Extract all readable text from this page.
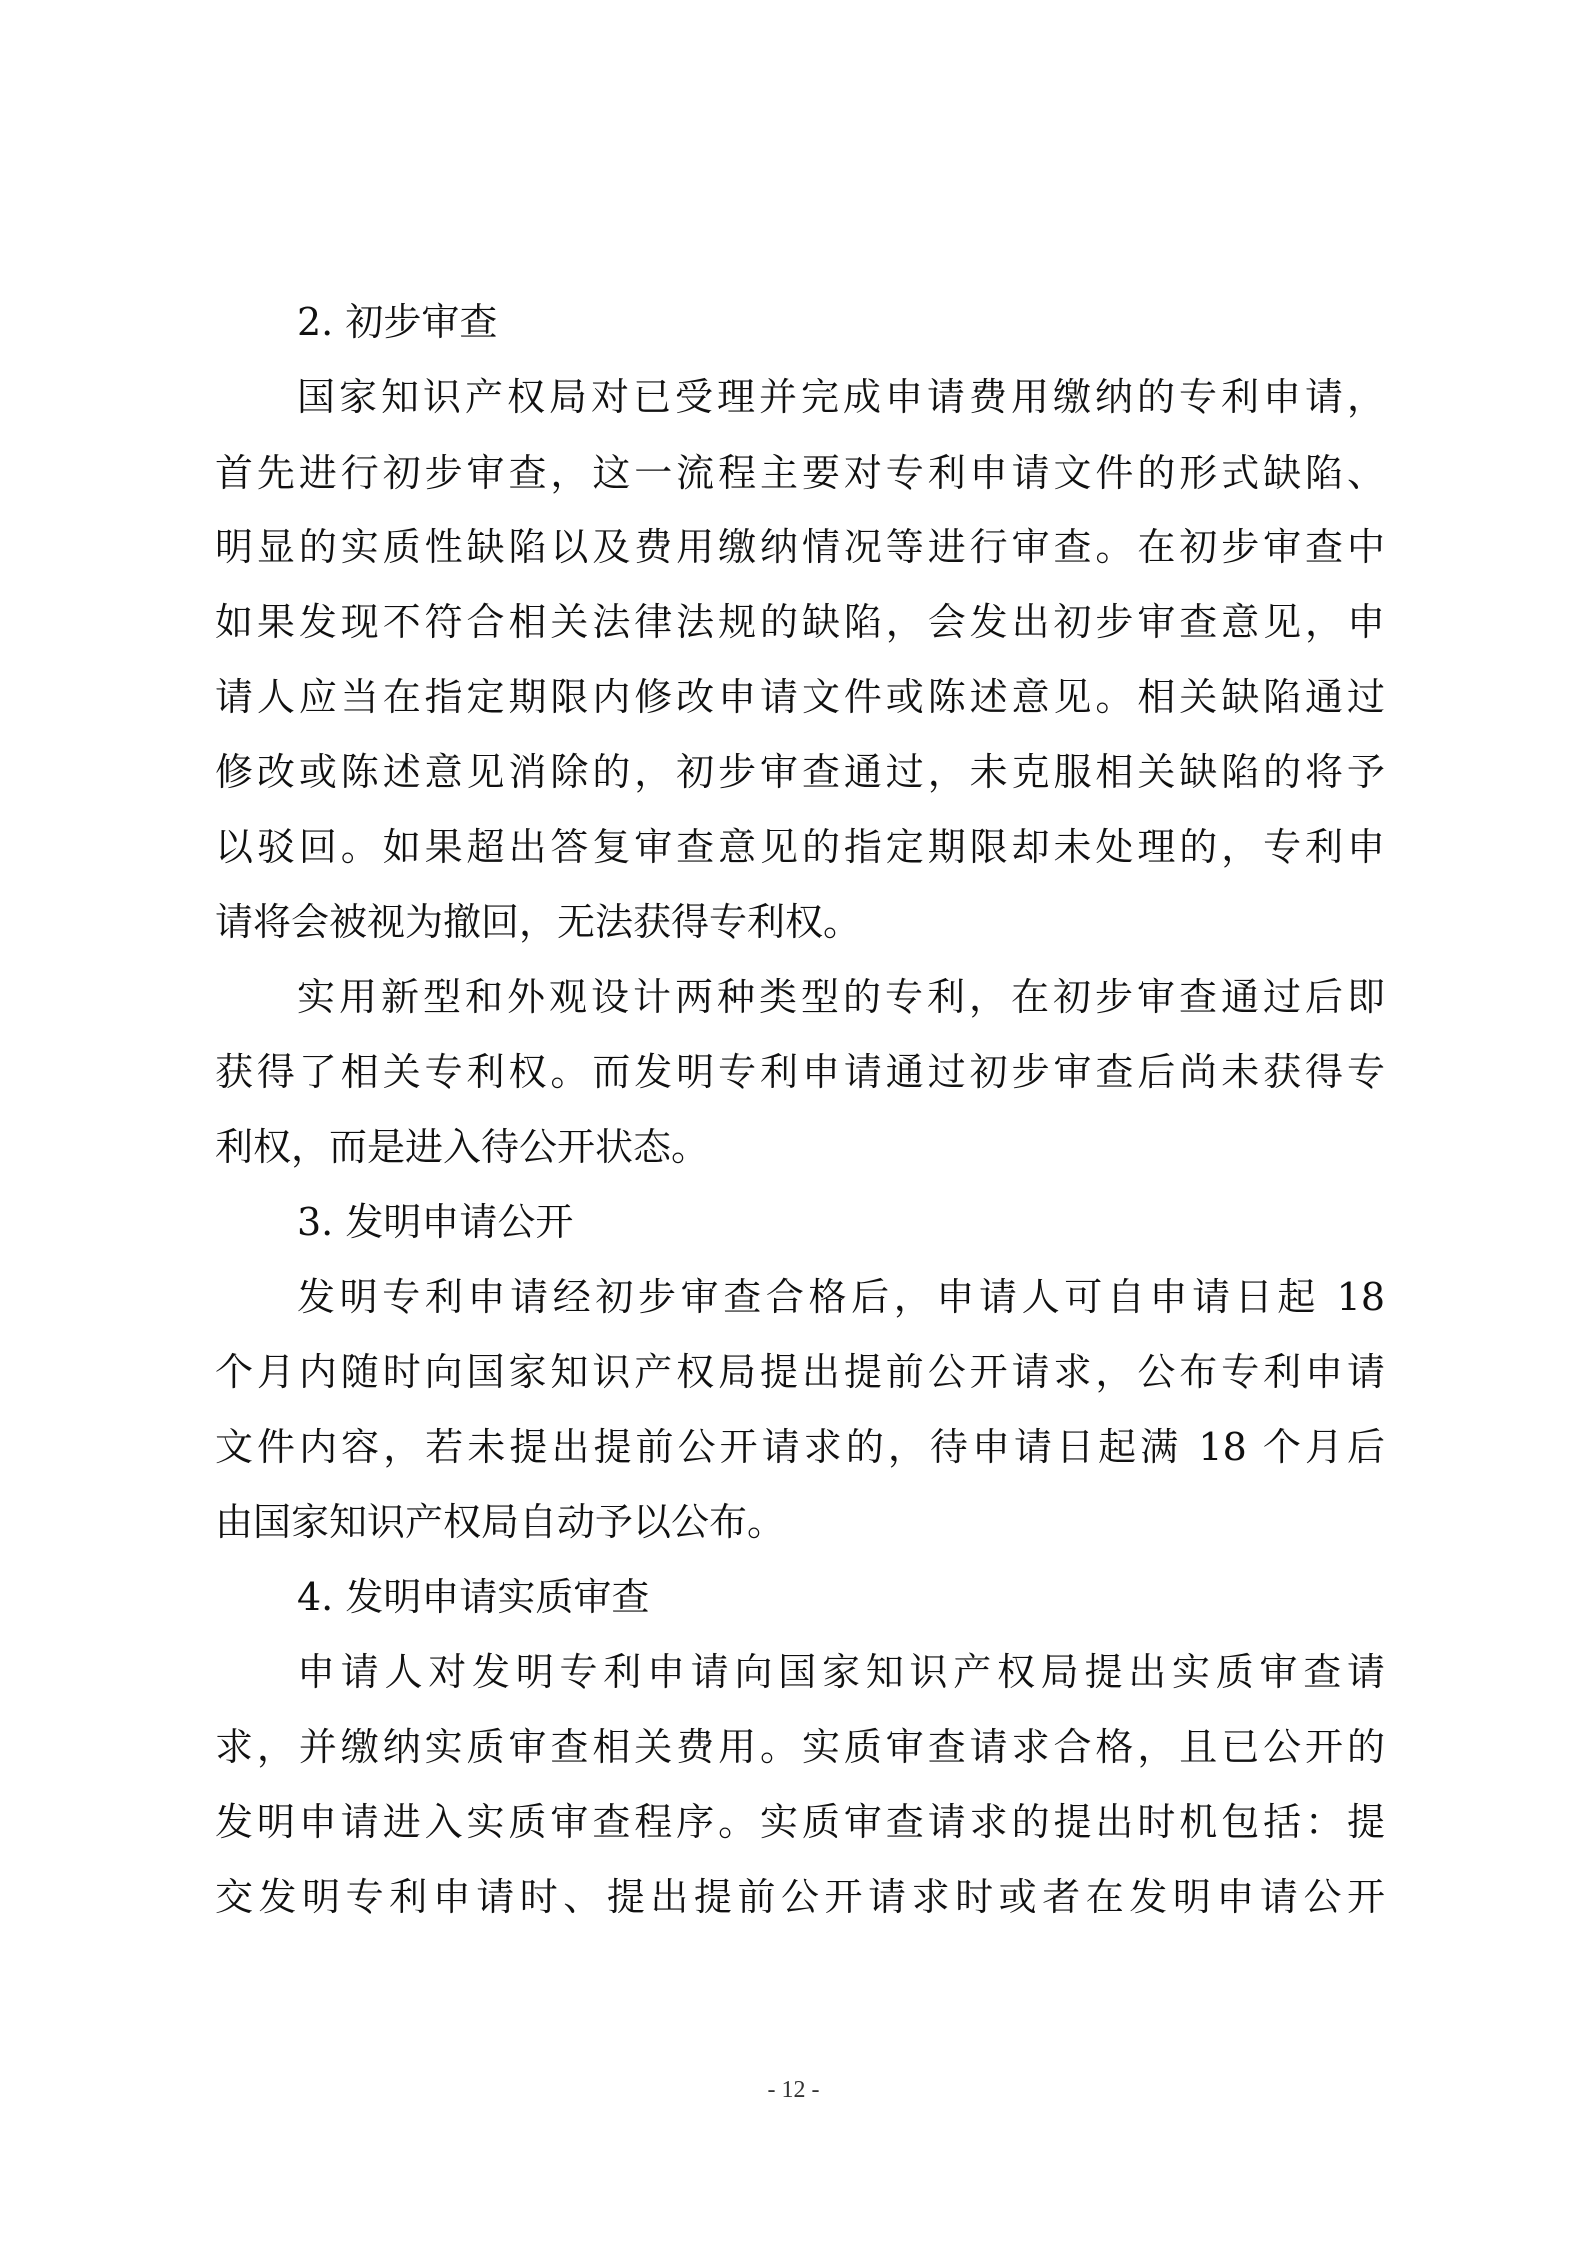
2. 初步审查
国家知识产权局对已受理并完成申请费用缴纳的专利申请，
首先进行初步审查，这一流程主要对专利申请文件的形式缺陷、
明显的实质性缺陷以及费用缴纳情况等进行审查。在初步审查中
如果发现不符合相关法律法规的缺陷，会发出初步审查意见，申
请人应当在指定期限内修改申请文件或陈述意见。相关缺陷通过
修改或陈述意见消除的，初步审查通过，未克服相关缺陷的将予
以驳回。如果超出答复审查意见的指定期限却未处理的，专利申
请将会被视为撤回，无法获得专利权。
实用新型和外观设计两种类型的专利，在初步审查通过后即
获得了相关专利权。而发明专利申请通过初步审查后尚未获得专
利权，而是进入待公开状态。
3. 发明申请公开
发明专利申请经初步审查合格后，申请人可自申请日起 18
个月内随时向国家知识产权局提出提前公开请求，公布专利申请
文件内容，若未提出提前公开请求的，待申请日起满 18 个月后
由国家知识产权局自动予以公布。
4. 发明申请实质审查
申请人对发明专利申请向国家知识产权局提出实质审查请
求，并缴纳实质审查相关费用。实质审查请求合格，且已公开的
发明申请进入实质审查程序。实质审查请求的提出时机包括：提
交发明专利申请时、提出提前公开请求时或者在发明申请公开
- 12 -
